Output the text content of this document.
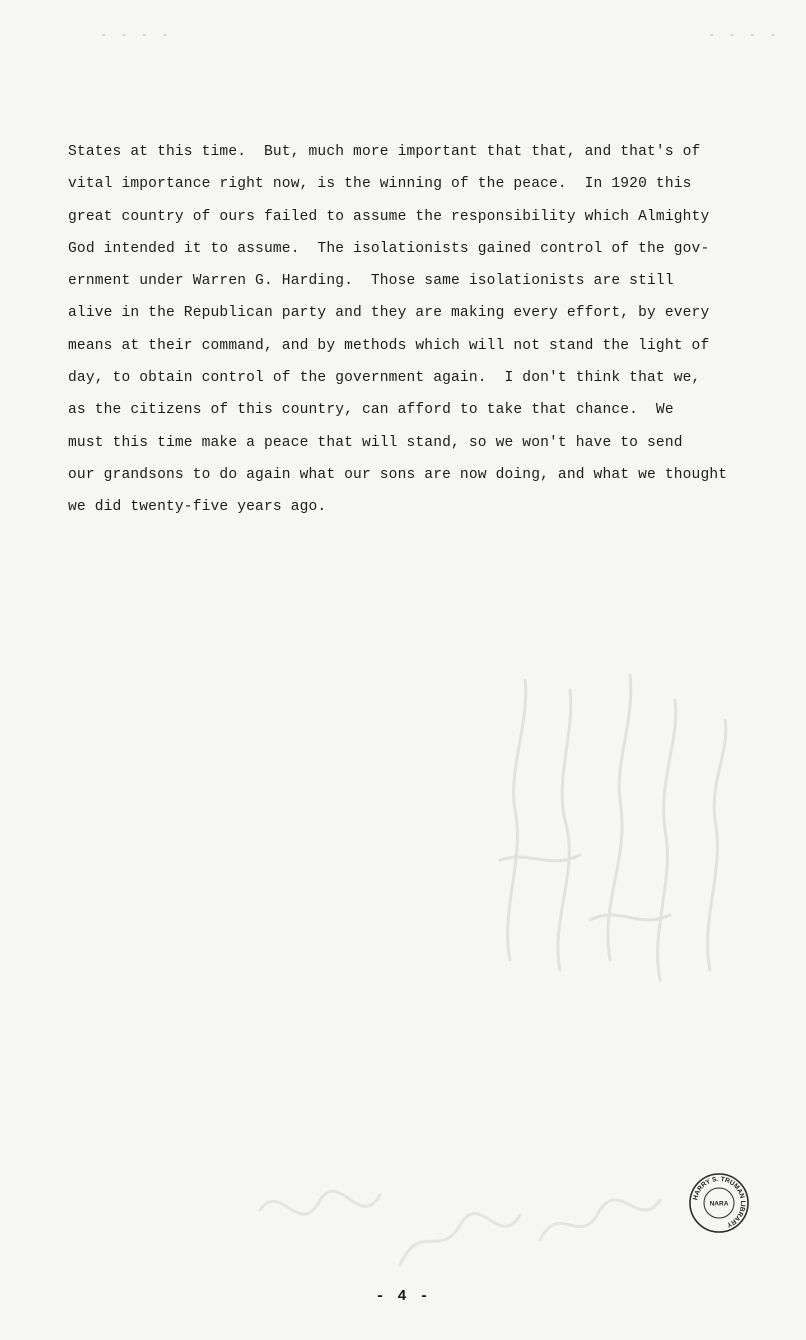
- - - -	- - - -
States at this time.  But, much more important that that, and that's of
vital importance right now, is the winning of the peace.  In 1920 this
great country of ours failed to assume the responsibility which Almighty
God intended it to assume.  The isolationists gained control of the gov-
ernment under Warren G. Harding.  Those same isolationists are still
alive in the Republican party and they are making every effort, by every
means at their command, and by methods which will not stand the light of
day, to obtain control of the government again.  I don't think that we,
as the citizens of this country, can afford to take that chance.  We
must this time make a peace that will stand, so we won't have to send
our grandsons to do again what our sons are now doing, and what we thought
we did twenty-five years ago.
HARRY S. TRUMAN LIBRARY
NARA
- 4 -
